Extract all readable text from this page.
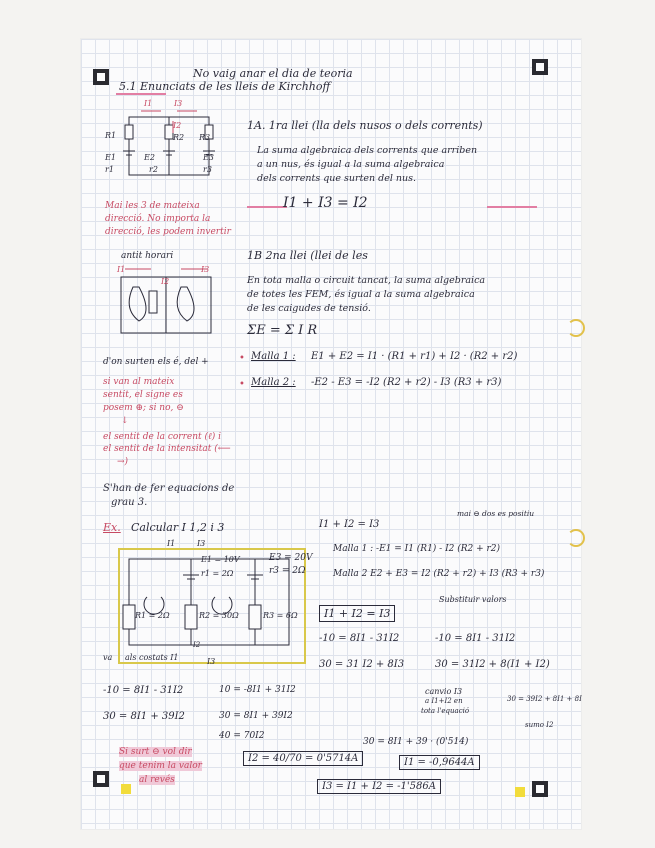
No vaig anar el dia de teoria
5.1 Enunciats de les lleis de Kirchhoff
I1	I3
I2
R1
E1
r1
E2
r2
R2 R3
E3
r3
Mai les 3 de mateixa
direcció. No importa la
direcció, les podem invertir
1A. 1ra llei (lla dels nusos o dels corrents)
La suma algebraica dels corrents que arriben
a un nus, és igual a la suma algebraica
dels corrents que surten del nus.
I1 + I3 = I2
antit horari
I1	I3
I2
1B 2na llei (llei de les
En tota malla o circuit tancat, la suma algebraica
de totes les FEM, és igual a la suma algebraica
de les caigudes de tensió.
ΣE = Σ I R
• Malla 1 : E1 + E2 = I1 · (R1 + r1) + I2 · (R2 + r2)
• Malla 2 : -E2 - E3 = -I2 (R2 + r2) - I3 (R3 + r3)
d'on surten els é, del +
si van al mateix
sentit, el signe es
posem ⊕; si no, ⊖
↓
el sentit de la corrent (ℓ) i
el sentit de la intensitat (⟵
→)
S'han de fer equacions de
grau 3.
Ex. Calcular I 1,2 i 3
I1	I3
E1 = 10V
r1 = 2Ω
E3 = 20V
r3 = 2Ω
R1 = 2Ω	R2 = 30Ω	R3 = 6Ω
I2
va als costats I1	I3
I1 + I2 = I3
mai ⊖ dos es positiu
Malla 1 : -E1 = I1 (R1) - I2 (R2 + r2)
Malla 2 E2 + E3 = I2 (R2 + r2) + I3 (R3 + r3)
Substituir valors
I1 + I2 = I3
-10 = 8I1 - 31I2
30 = 31 I2 + 8I3
-10 = 8I1 - 31I2
30 = 31I2 + 8(I1 + I2)
canvio I3
a I1+I2 en
tota l'equació
30 = 39I2 + 8I1 + 8I
sumo I2
-10 = 8I1 - 31I2
30 = 8I1 + 39I2
10 = -8I1 + 31I2
30 = 8I1 + 39I2
40 = 70I2
I2 = 40/70 = 0'5714A
30 = 8I1 + 39 · (0'514)
I1 = -0,9644A
I3 = I1 + I2 = -1'586A
Si surt ⊖ vol dir
que tenim la valor
al revés
